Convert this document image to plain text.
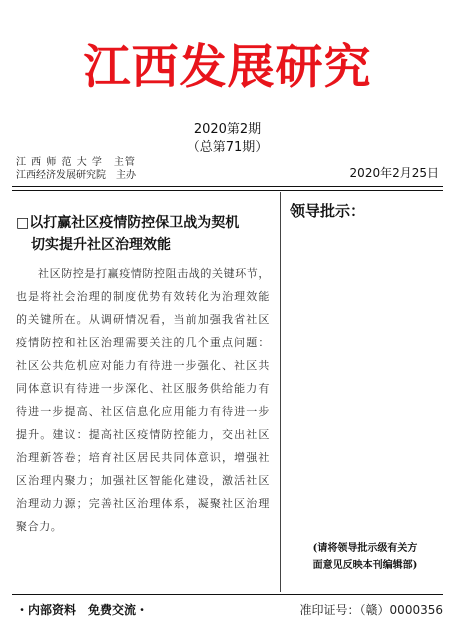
江西发展研究
2020第2期
（总第71期）
江 西 师 范 大 学　主管
江西经济发展研究院　主办	2020年2月25日
□以打赢社区疫情防控保卫战为契机
切实提升社区治理效能
社区防控是打赢疫情防控阻击战的关键环节，也是将社会治理的制度优势有效转化为治理效能的关键所在。从调研情况看，当前加强我省社区疫情防控和社区治理需要关注的几个重点问题：社区公共危机应对能力有待进一步强化、社区共同体意识有待进一步深化、社区服务供给能力有待进一步提高、社区信息化应用能力有待进一步提升。建议：提高社区疫情防控能力，交出社区治理新答卷；培育社区居民共同体意识，增强社区治理内聚力；加强社区智能化建设，激活社区治理动力源；完善社区治理体系，凝聚社区治理聚合力。
领导批示：
(请将领导批示级有关方
面意见反映本刊编辑部)
・内部资料　免费交流・	准印证号：（赣）0000356
